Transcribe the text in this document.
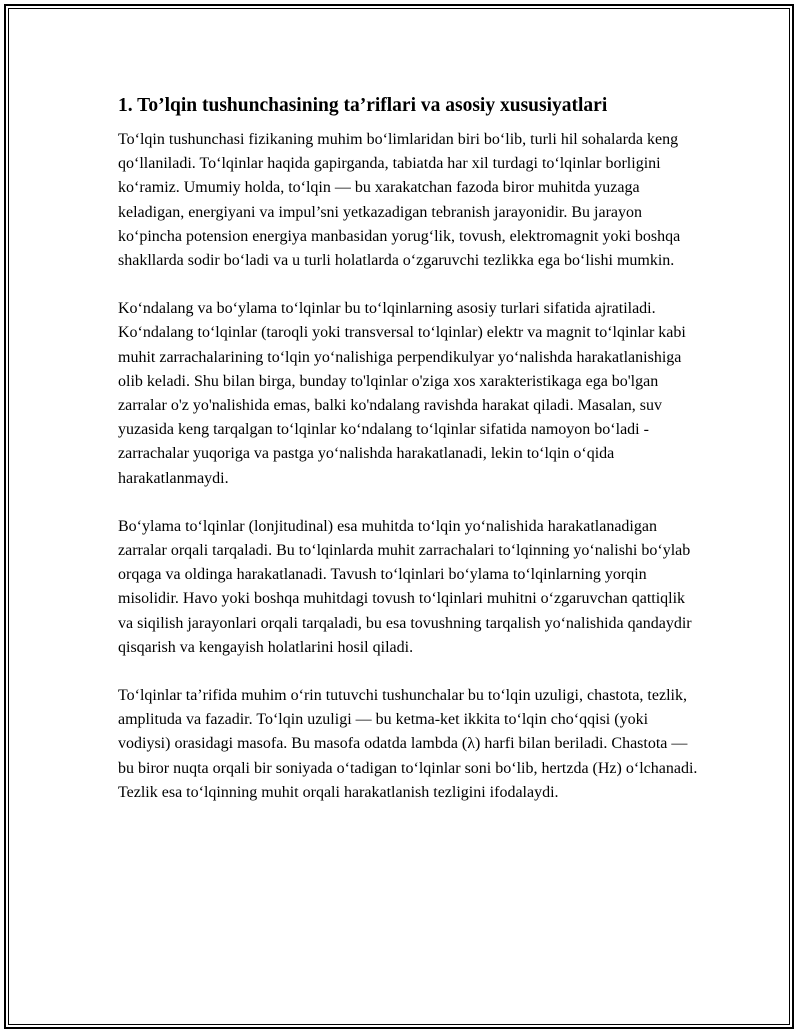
1. To’lqin tushunchasining ta’riflari va asosiy xususiyatlari

To‘lqin tushunchasi fizikaning muhim bo‘limlaridan biri bo‘lib, turli hil sohalarda keng qo‘llaniladi. To‘lqinlar haqida gapirganda, tabiatda har xil turdagi to‘lqinlar borligini ko‘ramiz. Umumiy holda, to‘lqin — bu xarakatchan fazoda biror muhitda yuzaga keladigan, energiyani va impul’sni yetkazadigan tebranish jarayonidir. Bu jarayon ko‘pincha potension energiya manbasidan yorug‘lik, tovush, elektromagnit yoki boshqa shakllarda sodir bo‘ladi va u turli holatlarda o‘zgaruvchi tezlikka ega bo‘lishi mumkin.

Ko‘ndalang va bo‘ylama to‘lqinlar bu to‘lqinlarning asosiy turlari sifatida ajratiladi. Ko‘ndalang to‘lqinlar (taroqli yoki transversal to‘lqinlar) elektr va magnit to‘lqinlar kabi muhit zarrachalarining to‘lqin yo‘nalishiga perpendikulyar yo‘nalishda harakatlanishiga olib keladi. Shu bilan birga, bunday to'lqinlar o'ziga xos xarakteristikaga ega bo'lgan zarralar o'z yo'nalishida emas, balki ko'ndalang ravishda harakat qiladi. Masalan, suv yuzasida keng tarqalgan to‘lqinlar ko‘ndalang to‘lqinlar sifatida namoyon bo‘ladi - zarrachalar yuqoriga va pastga yo‘nalishda harakatlanadi, lekin to‘lqin o‘qida harakatlanmaydi.

Bo‘ylama to‘lqinlar (lonjitudinal) esa muhitda to‘lqin yo‘nalishida harakatlanadigan zarralar orqali tarqaladi. Bu to‘lqinlarda muhit zarrachalari to‘lqinning yo‘nalishi bo‘ylab orqaga va oldinga harakatlanadi. Tavush to‘lqinlari bo‘ylama to‘lqinlarning yorqin misolidir. Havo yoki boshqa muhitdagi tovush to‘lqinlari muhitni o‘zgaruvchan qattiqlik va siqilish jarayonlari orqali tarqaladi, bu esa tovushning tarqalish yo‘nalishida qandaydir qisqarish va kengayish holatlarini hosil qiladi.

To‘lqinlar ta’rifida muhim o‘rin tutuvchi tushunchalar bu to‘lqin uzuligi, chastota, tezlik, amplituda va fazadir. To‘lqin uzuligi — bu ketma-ket ikkita to‘lqin cho‘qqisi (yoki vodiysi) orasidagi masofa. Bu masofa odatda lambda (λ) harfi bilan beriladi. Chastota — bu biror nuqta orqali bir soniyada o‘tadigan to‘lqinlar soni bo‘lib, hertzda (Hz) o‘lchanadi. Tezlik esa to‘lqinning muhit orqali harakatlanish tezligini ifodalaydi.
